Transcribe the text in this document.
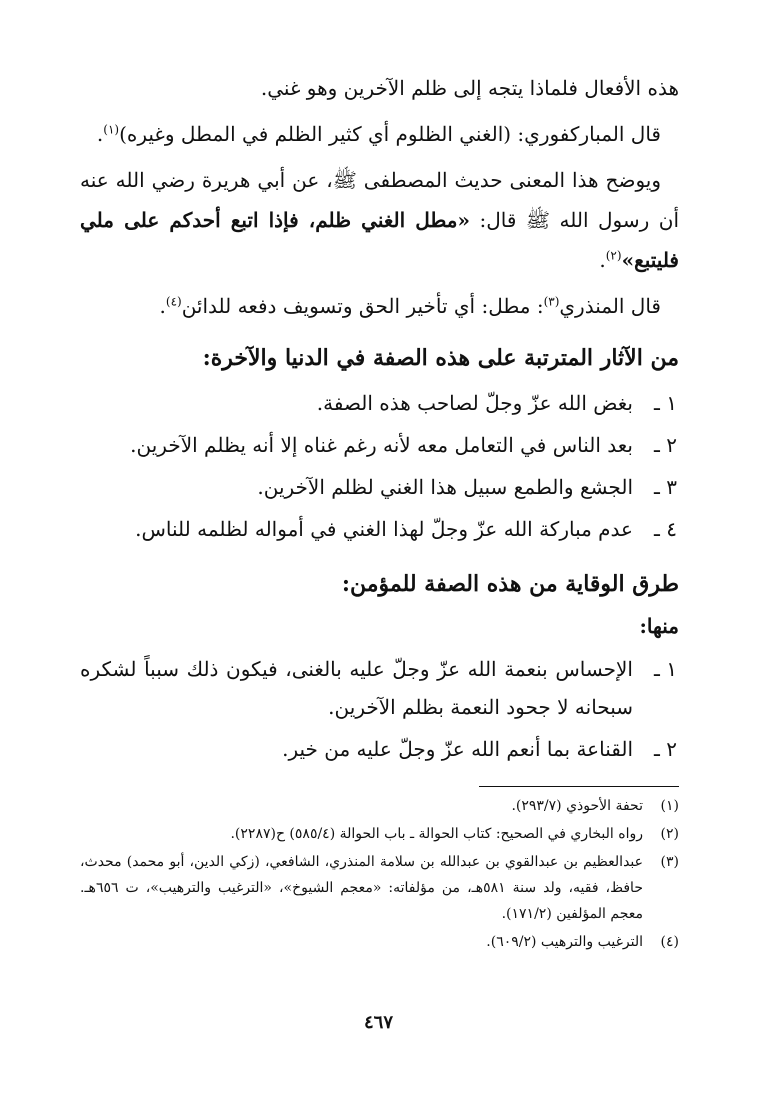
هذه الأفعال فلماذا يتجه إلى ظلم الآخرين وهو غني.

قال المباركفوري: (الغني الظلوم أي كثير الظلم في المطل وغيره)$^{(١)}$.

ويوضح هذا المعنى حديث المصطفى ﷺ، عن أبي هريرة رضي الله عنه أن رسول الله ﷺ قال: «مطل الغني ظلم، فإذا اتبع أحدكم على ملي فليتبع»$^{(٢)}$.

قال المنذري$^{(٣)}$: مطل: أي تأخير الحق وتسويف دفعه للدائن$^{(٤)}$.

من الآثار المترتبة على هذه الصفة في الدنيا والآخرة:
١ ـ
بغض الله عزّ وجلّ لصاحب هذه الصفة.
٢ ـ
بعد الناس في التعامل معه لأنه رغم غناه إلا أنه يظلم الآخرين.
٣ ـ
الجشع والطمع سبيل هذا الغني لظلم الآخرين.
٤ ـ
عدم مباركة الله عزّ وجلّ لهذا الغني في أمواله لظلمه للناس.
طرق الوقاية من هذه الصفة للمؤمن:

منها:

١ ـ
الإحساس بنعمة الله عزّ وجلّ عليه بالغنى، فيكون ذلك سبباً لشكره سبحانه لا جحود النعمة بظلم الآخرين.
٢ ـ
القناعة بما أنعم الله عزّ وجلّ عليه من خير.
(١)
تحفة الأحوذي (٢٩٣/٧).
(٢)
رواه البخاري في الصحيح: كتاب الحوالة ـ باب الحوالة (٥٨٥/٤) ح(٢٢٨٧).
(٣)
عبدالعظيم بن عبدالقوي بن عبدالله بن سلامة المنذري، الشافعي، (زكي الدين، أبو محمد) محدث، حافظ، فقيه، ولد سنة ٥٨١هـ، من مؤلفاته: «معجم الشيوخ»، «الترغيب والترهيب»، ت ٦٥٦هـ. معجم المؤلفين (١٧١/٢).
(٤)
الترغيب والترهيب (٦٠٩/٢).
٤٦٧
